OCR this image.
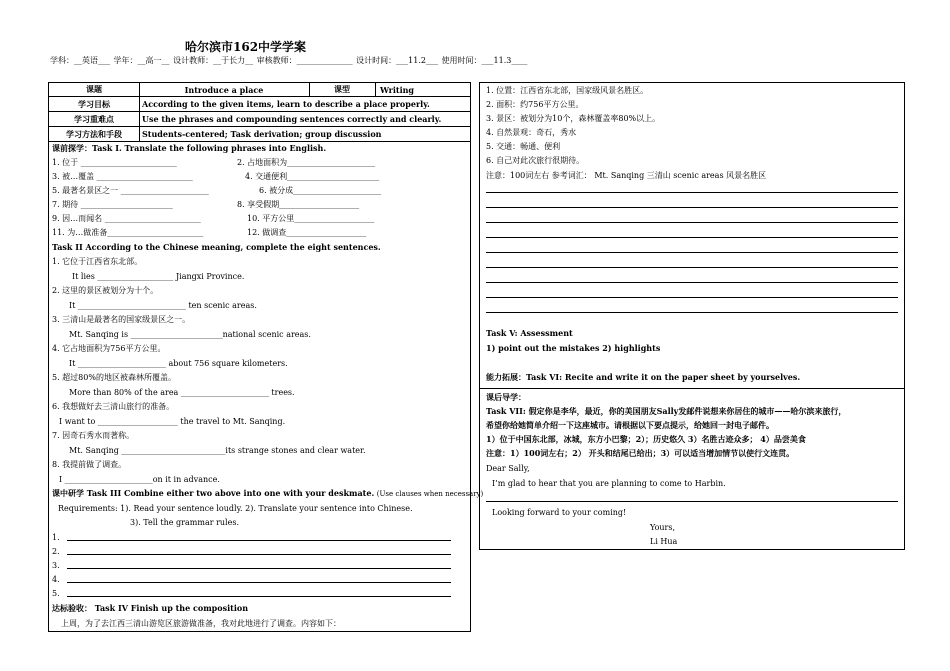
哈尔滨市162中学学案
学科：__英语___ 学年：__高一__ 设计教师：__于长力__ 审核教师：______________ 设计时间：___11.2___ 使用时间：___11.3____
课题	Introduce a place	课型	Writing
学习目标	According to the given items, learn to describe a place properly.
学习重难点	Use the phrases and compounding sentences correctly and clearly.
学习方法和手段	Students-centered; Task derivation; group discussion
课前探学：Task I. Translate the following phrases into English.
1. 位于 ________________________	2. 占地面积为______________________
3. 被…覆盖 ________________________	4. 交通便利_______________________
5. 最著名景区之一 ______________________	6. 被分成______________________
7. 期待 _______________________	8. 享受假期____________________
9. 因…而闻名 ________________________	10. 平方公里____________________
11. 为…做准备________________________	12. 做调查____________________
Task II According to the Chinese meaning, complete the eight sentences.
1. 它位于江西省东北部。
It lies ___________________ Jiangxi Province.
2. 这里的景区被划分为十个。
It ___________________________ ten scenic areas.
3. 三清山是最著名的国家级景区之一。
Mt. Sanqing is _______________________national scenic areas.
4. 它占地面积为756平方公里。
It ______________________ about 756 square kilometers.
5. 超过80%的地区被森林所覆盖。
More than 80% of the area ______________________ trees.
6. 我想做好去三清山旅行的准备。
I want to ____________________ the travel to Mt. Sanqing.
7. 因奇石秀水而著称。
Mt. Sanqing __________________________its strange stones and clear water.
8. 我提前做了调查。
I ______________________on it in advance.
课中研学 Task III Combine either two above into one with your deskmate. (Use clauses when necessary)
Requirements: 1). Read your sentence loudly. 2). Translate your sentence into Chinese.
3). Tell the grammar rules.
1.
2.
3.
4.
5.
达标验收： Task IV Finish up the composition
上周，为了去江西三清山游览区旅游做准备，我对此地进行了调查。内容如下：
1. 位置：江西省东北部，国家级风景名胜区。
2. 面积：约756平方公里。
3. 景区：被划分为10个，森林覆盖率80%以上。
4. 自然景观：奇石，秀水
5. 交通：畅通、便利
6. 自己对此次旅行很期待。
注意：100词左右 参考词汇： Mt. Sanqing 三清山 scenic areas 风景名胜区
Task V: Assessment
1) point out the mistakes 2) highlights
能力拓展：Task VI: Recite and write it on the paper sheet by yourselves.
课后导学：
Task VII: 假定你是李华，最近，你的美国朋友Sally发邮件说想来你居住的城市——哈尔滨来旅行，
希望你给她简单介绍一下这座城市。请根据以下要点提示，给她回一封电子邮件。
1）位于中国东北部，冰城，东方小巴黎；2）；历史悠久 3）名胜古迹众多； 4）品尝美食
注意：1）100词左右；2） 开头和结尾已给出；3）可以适当增加情节以使行文连贯。
Dear Sally,
I’m glad to hear that you are planning to come to Harbin.
Looking forward to your coming!
Yours,
Li Hua
